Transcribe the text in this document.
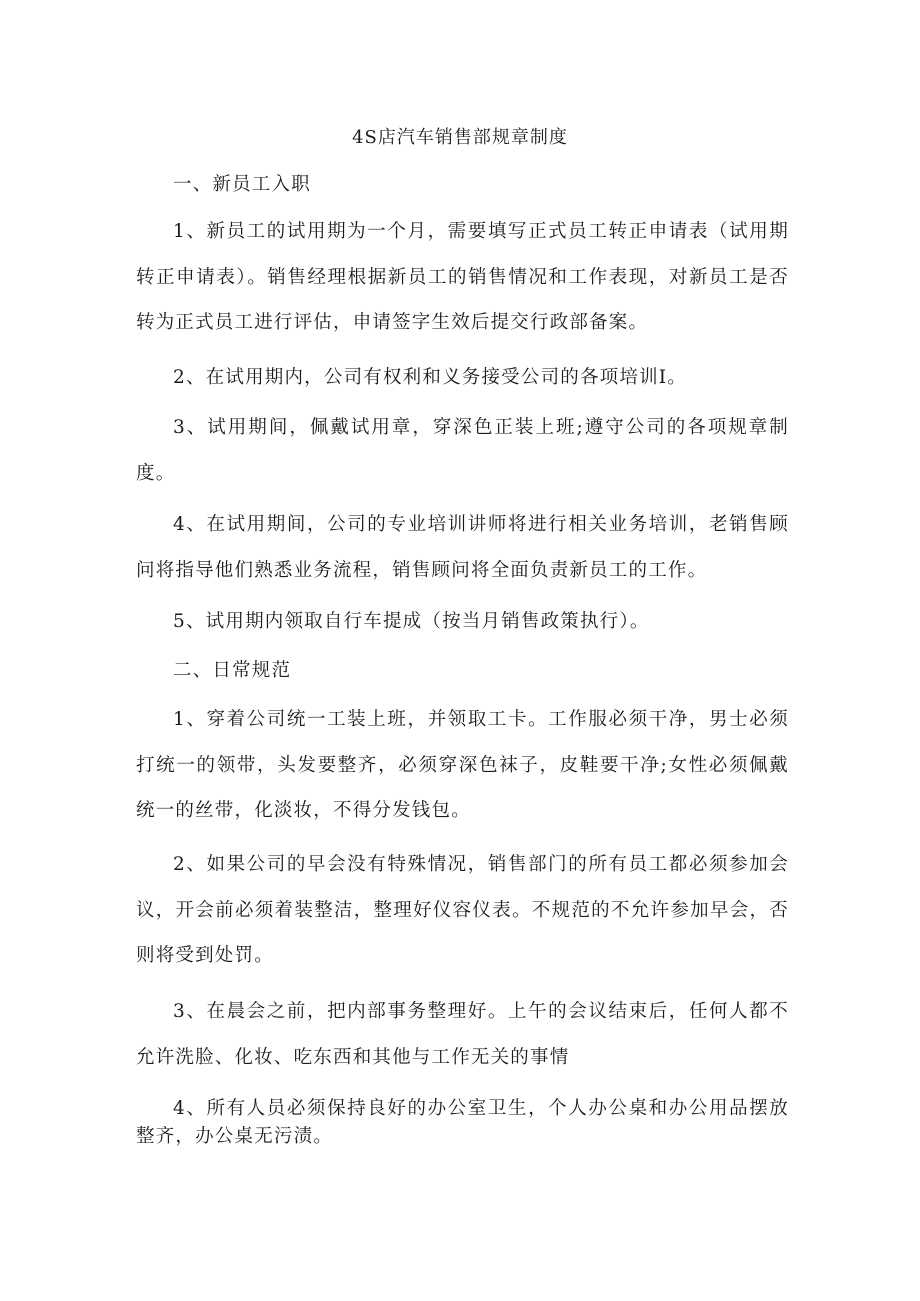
4S店汽车销售部规章制度

一、新员工入职

1、新员工的试用期为一个月，需要填写正式员工转正申请表（试用期转正申请表）。销售经理根据新员工的销售情况和工作表现，对新员工是否转为正式员工进行评估，申请签字生效后提交行政部备案。

2、在试用期内，公司有权利和义务接受公司的各项培训I。

3、试用期间，佩戴试用章，穿深色正装上班;遵守公司的各项规章制度。

4、在试用期间，公司的专业培训讲师将进行相关业务培训，老销售顾问将指导他们熟悉业务流程，销售顾问将全面负责新员工的工作。

5、试用期内领取自行车提成（按当月销售政策执行）。

二、日常规范

1、穿着公司统一工装上班，并领取工卡。工作服必须干净，男士必须打统一的领带，头发要整齐，必须穿深色袜子，皮鞋要干净;女性必须佩戴统一的丝带，化淡妆，不得分发钱包。

2、如果公司的早会没有特殊情况，销售部门的所有员工都必须参加会议，开会前必须着装整洁，整理好仪容仪表。不规范的不允许参加早会，否则将受到处罚。

3、在晨会之前，把内部事务整理好。上午的会议结束后，任何人都不允许洗脸、化妆、吃东西和其他与工作无关的事情

4、所有人员必须保持良好的办公室卫生，个人办公桌和办公用品摆放整齐，办公桌无污渍。
